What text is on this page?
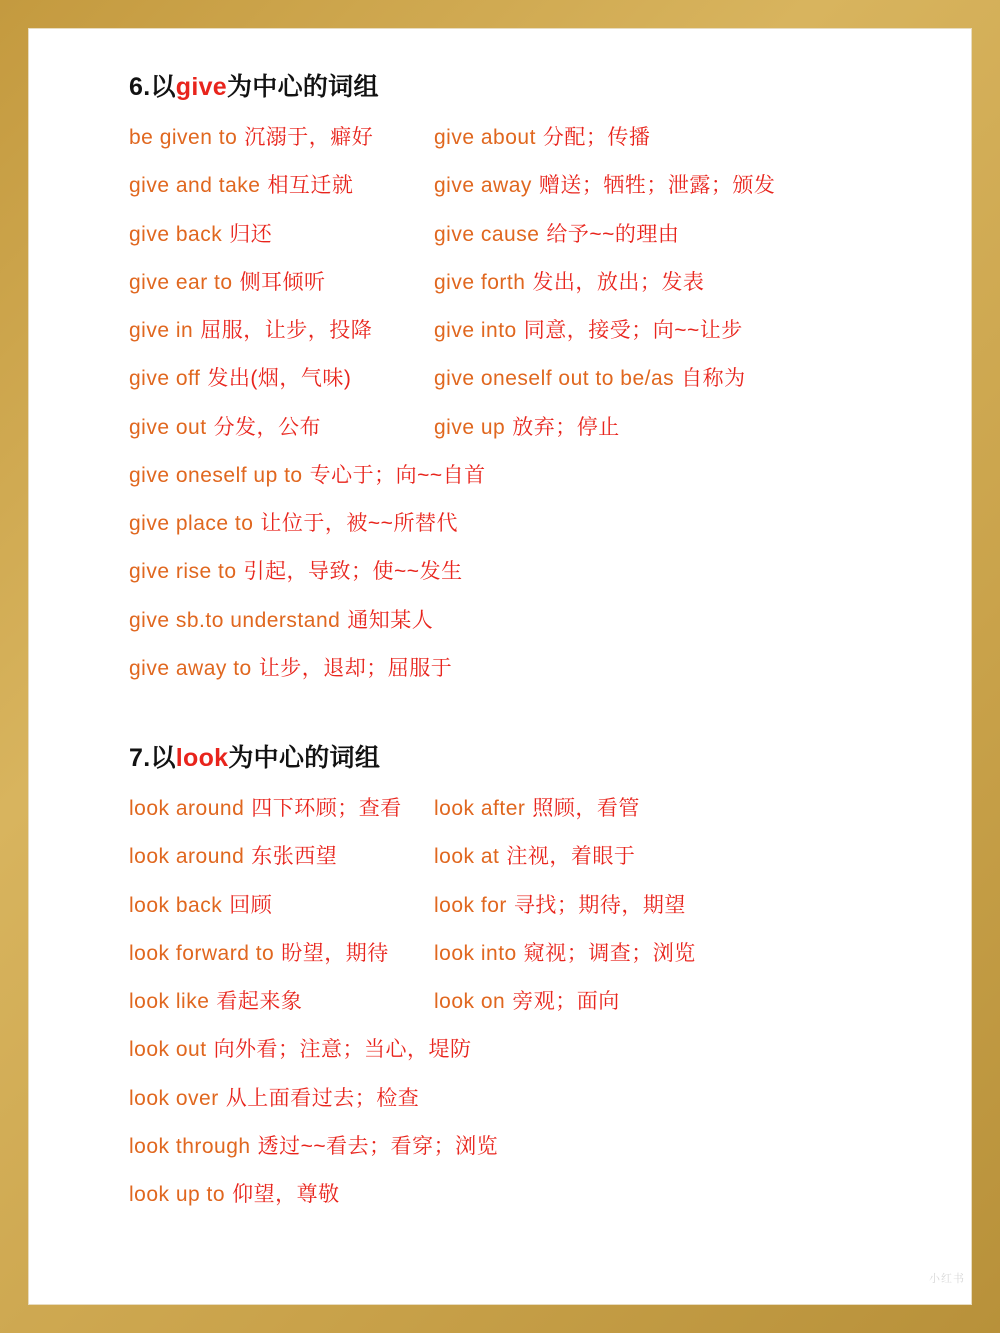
6.以give为中心的词组
be given to 沉溺于，癖好	give about 分配；传播
give and take 相互迁就	give away 赠送；牺牲；泄露；颁发
give back 归还	give cause 给予~~的理由
give ear to 侧耳倾听	give forth 发出，放出；发表
give in 屈服，让步，投降	give into 同意，接受；向~~让步
give off 发出(烟，气味)	give oneself out to be/as 自称为
give out 分发，公布	give up 放弃；停止
give oneself up to 专心于；向~~自首
give place to 让位于，被~~所替代
give rise to 引起，导致；使~~发生
give sb.to understand 通知某人
give away to 让步，退却；屈服于
7.以look为中心的词组
look around 四下环顾；查看	look after 照顾，看管
look around 东张西望	look at 注视，着眼于
look back 回顾	look for 寻找；期待，期望
look forward to 盼望，期待	look into 窥视；调查；浏览
look like 看起来象	look on 旁观；面向
look out 向外看；注意；当心，堤防
look over 从上面看过去；检查
look through 透过~~看去；看穿；浏览
look up to 仰望，尊敬
小红书
